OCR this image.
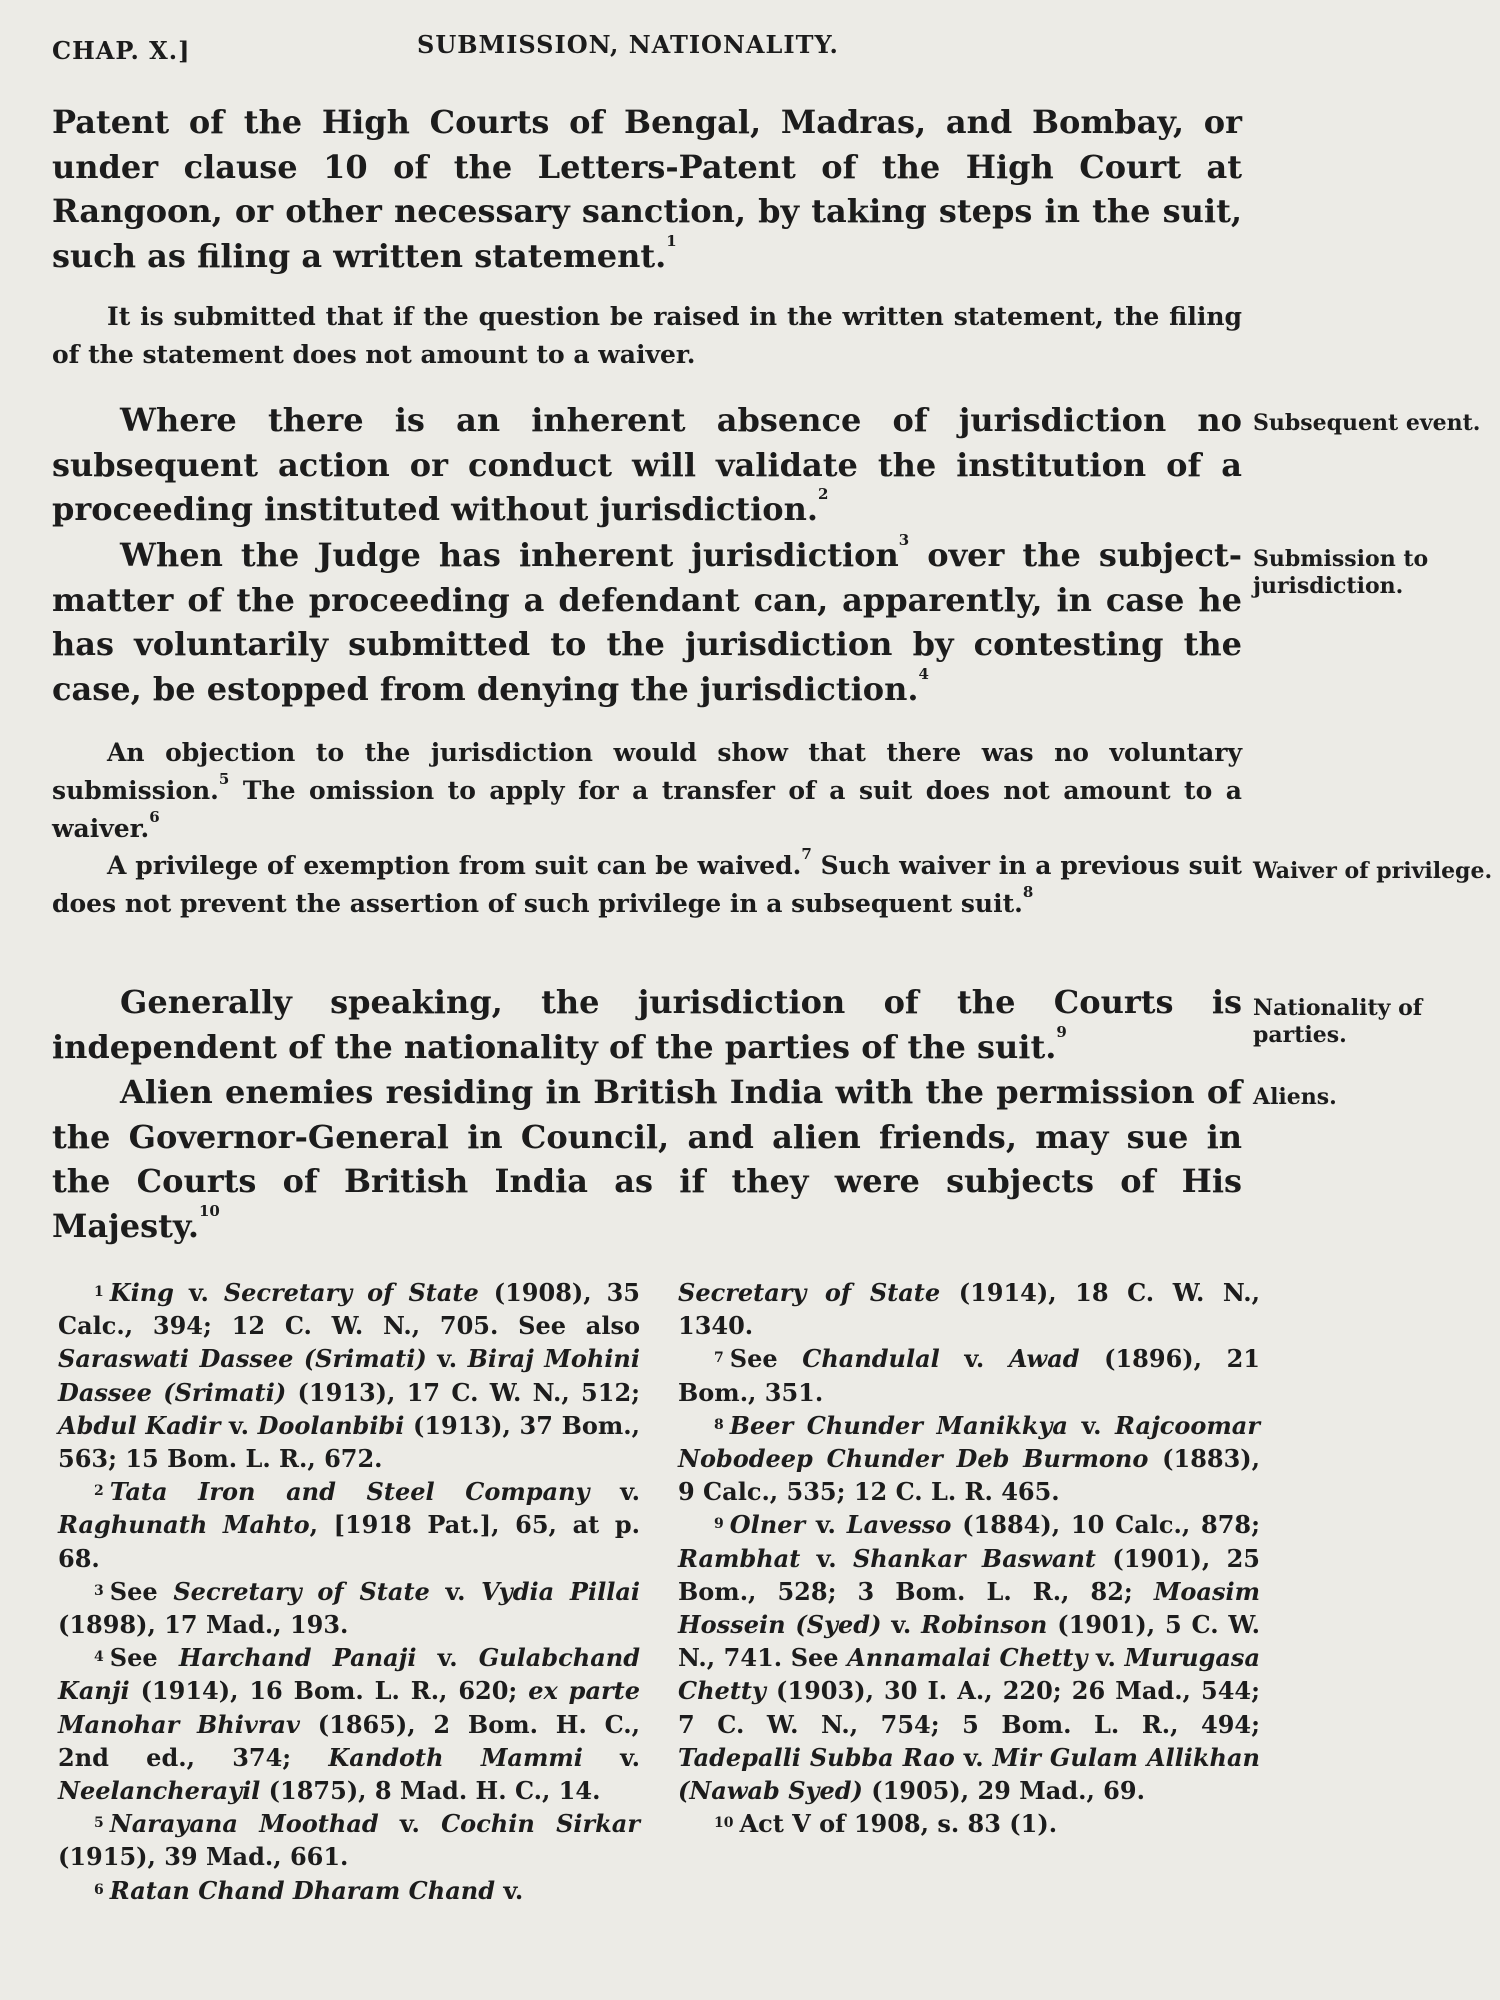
CHAP. X.]	SUBMISSION, NATIONALITY.

Patent of the High Courts of Bengal, Madras, and Bombay, or under clause 10 of the Letters-Patent of the High Court at Rangoon, or other necessary sanction, by taking steps in the suit, such as filing a written statement.$^1$

It is submitted that if the question be raised in the written statement, the filing of the statement does not amount to a waiver.

Where there is an inherent absence of jurisdiction no subsequent action or conduct will validate the institution of a proceeding instituted without jurisdiction.$^2$

When the Judge has inherent jurisdiction$^3$ over the subject-matter of the proceeding a defendant can, apparently, in case he has voluntarily submitted to the jurisdiction by contesting the case, be estopped from denying the jurisdiction.$^4$

An objection to the jurisdiction would show that there was no voluntary submission.$^5$ The omission to apply for a transfer of a suit does not amount to a waiver.$^6$

A privilege of exemption from suit can be waived.$^7$ Such waiver in a previous suit does not prevent the assertion of such privilege in a subsequent suit.$^8$

Generally speaking, the jurisdiction of the Courts is independent of the nationality of the parties of the suit.$^9$

Alien enemies residing in British India with the permission of the Governor-General in Council, and alien friends, may sue in the Courts of British India as if they were subjects of His Majesty.$^{10}$

Subsequent event.

Submission to jurisdiction.

Waiver of privilege.

Nationality of parties.

Aliens.

$^1$ King v. Secretary of State (1908), 35 Calc., 394; 12 C. W. N., 705. See also Saraswati Dassee (Srimati) v. Biraj Mohini Dassee (Srimati) (1913), 17 C. W. N., 512; Abdul Kadir v. Doolanbibi (1913), 37 Bom., 563; 15 Bom. L. R., 672.

$^2$ Tata Iron and Steel Company v. Raghunath Mahto, [1918 Pat.], 65, at p. 68.

$^3$ See Secretary of State v. Vydia Pillai (1898), 17 Mad., 193.

$^4$ See Harchand Panaji v. Gulabchand Kanji (1914), 16 Bom. L. R., 620; ex parte Manohar Bhivrav (1865), 2 Bom. H. C., 2nd ed., 374; Kandoth Mammi v. Neelancherayil (1875), 8 Mad. H. C., 14.

$^5$ Narayana Moothad v. Cochin Sirkar (1915), 39 Mad., 661.

$^6$ Ratan Chand Dharam Chand v.

Secretary of State (1914), 18 C. W. N., 1340.

$^7$ See Chandulal v. Awad (1896), 21 Bom., 351.

$^8$ Beer Chunder Manikkya v. Rajcoomar Nobodeep Chunder Deb Burmono (1883), 9 Calc., 535; 12 C. L. R. 465.

$^9$ Olner v. Lavesso (1884), 10 Calc., 878; Rambhat v. Shankar Baswant (1901), 25 Bom., 528; 3 Bom. L. R., 82; Moasim Hossein (Syed) v. Robinson (1901), 5 C. W. N., 741. See Annamalai Chetty v. Murugasa Chetty (1903), 30 I. A., 220; 26 Mad., 544; 7 C. W. N., 754; 5 Bom. L. R., 494; Tadepalli Subba Rao v. Mir Gulam Allikhan (Nawab Syed) (1905), 29 Mad., 69.

$^{10}$ Act V of 1908, s. 83 (1).
